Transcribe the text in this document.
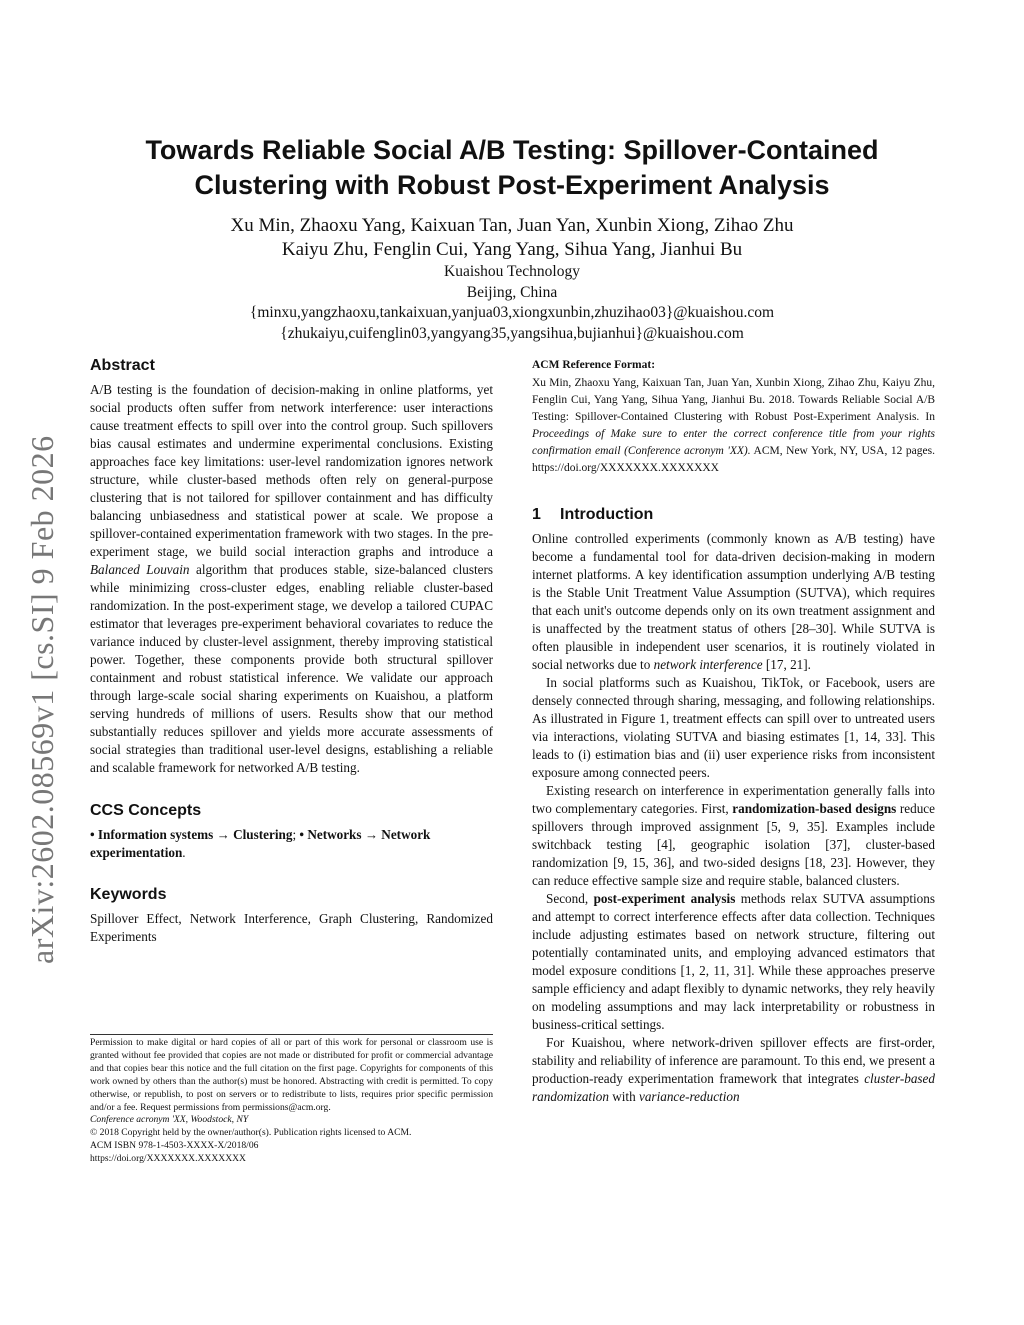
arXiv:2602.08569v1 [cs.SI] 9 Feb 2026
Towards Reliable Social A/B Testing: Spillover-Contained
Clustering with Robust Post-Experiment Analysis
Xu Min, Zhaoxu Yang, Kaixuan Tan, Juan Yan, Xunbin Xiong, Zihao Zhu
Kaiyu Zhu, Fenglin Cui, Yang Yang, Sihua Yang, Jianhui Bu
Kuaishou Technology
Beijing, China
{minxu,yangzhaoxu,tankaixuan,yanjua03,xiongxunbin,zhuzihao03}@kuaishou.com
{zhukaiyu,cuifenglin03,yangyang35,yangsihua,bujianhui}@kuaishou.com
Abstract

A/B testing is the foundation of decision-making in online platforms, yet social products often suffer from network interference: user interactions cause treatment effects to spill over into the control group. Such spillovers bias causal estimates and undermine experimental conclusions. Existing approaches face key limitations: user-level randomization ignores network structure, while cluster-based methods often rely on general-purpose clustering that is not tailored for spillover containment and has difficulty balancing unbiasedness and statistical power at scale. We propose a spillover-contained experimentation framework with two stages. In the pre-experiment stage, we build social interaction graphs and introduce a Balanced Louvain algorithm that produces stable, size-balanced clusters while minimizing cross-cluster edges, enabling reliable cluster-based randomization. In the post-experiment stage, we develop a tailored CUPAC estimator that leverages pre-experiment behavioral covariates to reduce the variance induced by cluster-level assignment, thereby improving statistical power. Together, these components provide both structural spillover containment and robust statistical inference. We validate our approach through large-scale social sharing experiments on Kuaishou, a platform serving hundreds of millions of users. Results show that our method substantially reduces spillover and yields more accurate assessments of social strategies than traditional user-level designs, establishing a reliable and scalable framework for networked A/B testing.

CCS Concepts

• Information systems → Clustering; • Networks → Network experimentation.

Keywords

Spillover Effect, Network Interference, Graph Clustering, Randomized Experiments

Permission to make digital or hard copies of all or part of this work for personal or classroom use is granted without fee provided that copies are not made or distributed for profit or commercial advantage and that copies bear this notice and the full citation on the first page. Copyrights for components of this work owned by others than the author(s) must be honored. Abstracting with credit is permitted. To copy otherwise, or republish, to post on servers or to redistribute to lists, requires prior specific permission and/or a fee. Request permissions from permissions@acm.org.

Conference acronym 'XX, Woodstock, NY

© 2018 Copyright held by the owner/author(s). Publication rights licensed to ACM.

ACM ISBN 978-1-4503-XXXX-X/2018/06

https://doi.org/XXXXXXX.XXXXXXX

ACM Reference Format:

Xu Min, Zhaoxu Yang, Kaixuan Tan, Juan Yan, Xunbin Xiong, Zihao Zhu, Kaiyu Zhu, Fenglin Cui, Yang Yang, Sihua Yang, Jianhui Bu. 2018. Towards Reliable Social A/B Testing: Spillover-Contained Clustering with Robust Post-Experiment Analysis. In Proceedings of Make sure to enter the correct conference title from your rights confirmation email (Conference acronym 'XX). ACM, New York, NY, USA, 12 pages. https://doi.org/XXXXXXX.XXXXXXX

1 Introduction

Online controlled experiments (commonly known as A/B testing) have become a fundamental tool for data-driven decision-making in modern internet platforms. A key identification assumption underlying A/B testing is the Stable Unit Treatment Value Assumption (SUTVA), which requires that each unit's outcome depends only on its own treatment assignment and is unaffected by the treatment status of others [28–30]. While SUTVA is often plausible in independent user scenarios, it is routinely violated in social networks due to network interference [17, 21].

In social platforms such as Kuaishou, TikTok, or Facebook, users are densely connected through sharing, messaging, and following relationships. As illustrated in Figure 1, treatment effects can spill over to untreated users via interactions, violating SUTVA and biasing estimates [1, 14, 33]. This leads to (i) estimation bias and (ii) user experience risks from inconsistent exposure among connected peers.

Existing research on interference in experimentation generally falls into two complementary categories. First, randomization-based designs reduce spillovers through improved assignment [5, 9, 35]. Examples include switchback testing [4], geographic isolation [37], cluster-based randomization [9, 15, 36], and two-sided designs [18, 23]. However, they can reduce effective sample size and require stable, balanced clusters.

Second, post-experiment analysis methods relax SUTVA assumptions and attempt to correct interference effects after data collection. Techniques include adjusting estimates based on network structure, filtering out potentially contaminated units, and employing advanced estimators that model exposure conditions [1, 2, 11, 31]. While these approaches preserve sample efficiency and adapt flexibly to dynamic networks, they rely heavily on modeling assumptions and may lack interpretability or robustness in business-critical settings.

For Kuaishou, where network-driven spillover effects are first-order, stability and reliability of inference are paramount. To this end, we present a production-ready experimentation framework that integrates cluster-based randomization with variance-reduction
